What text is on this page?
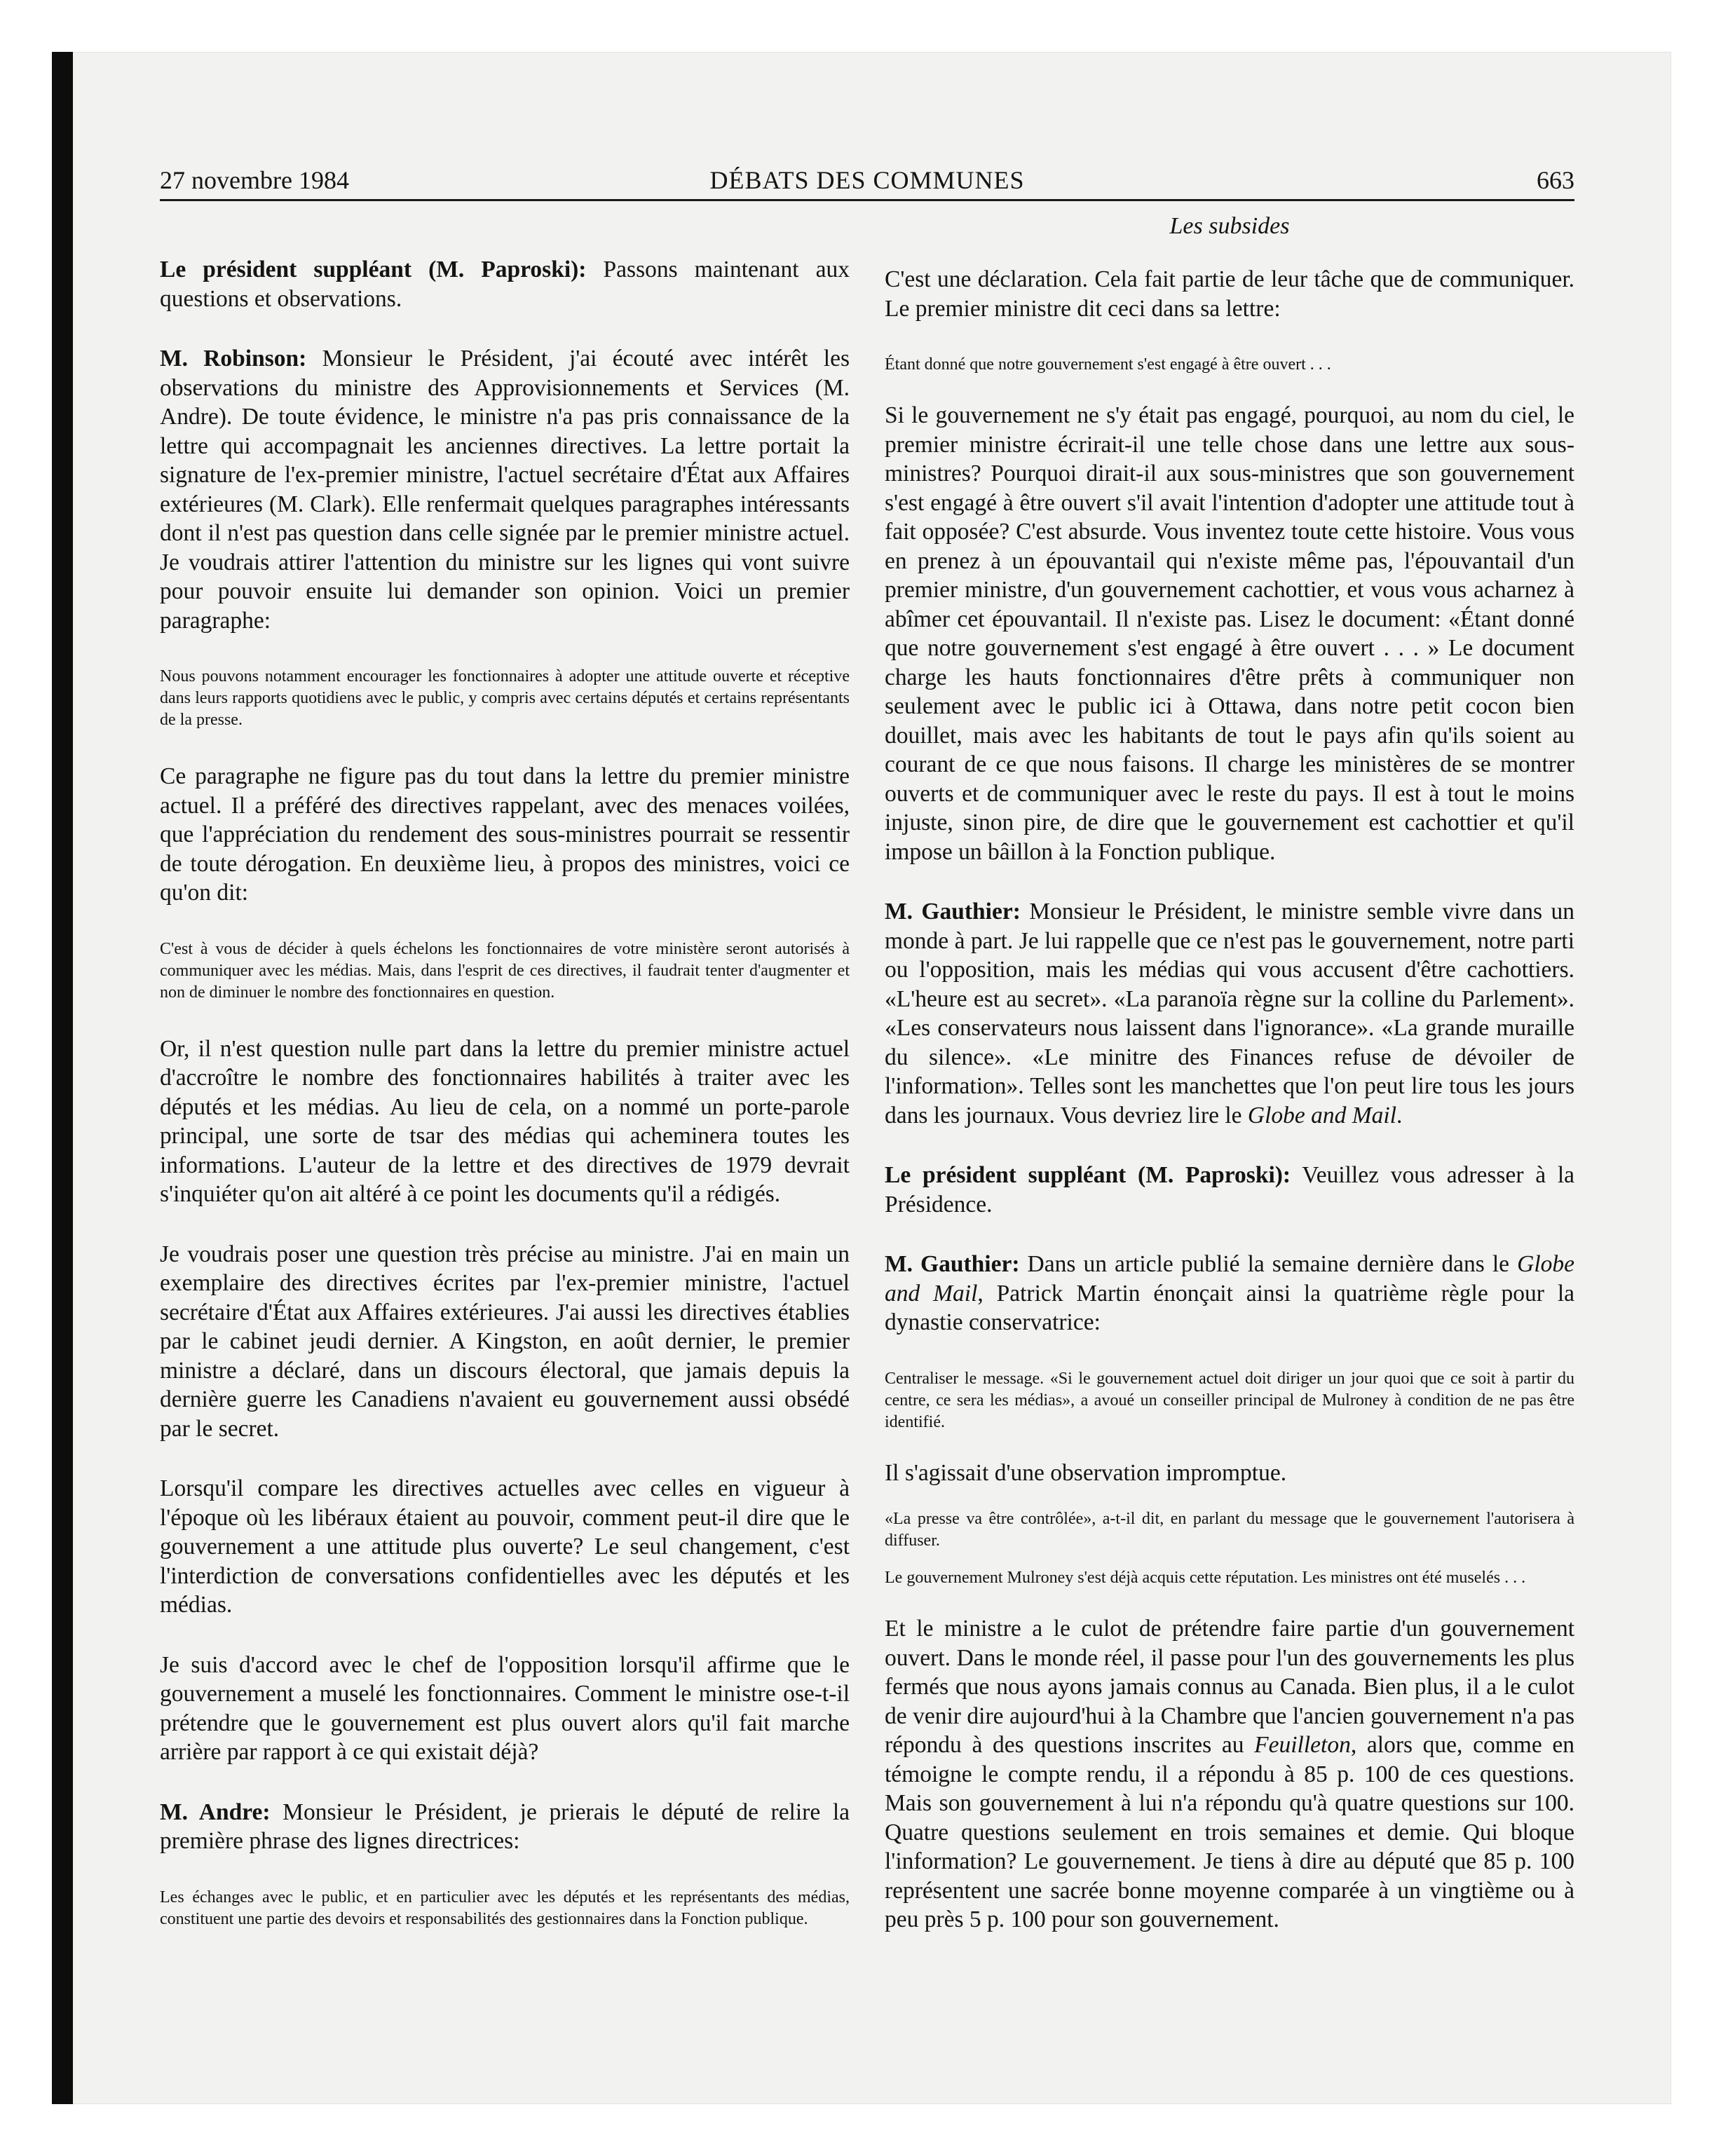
27 novembre 1984	DÉBATS DES COMMUNES	663
Les subsides

Le président suppléant (M. Paproski): Passons maintenant aux questions et observations.

M. Robinson: Monsieur le Président, j'ai écouté avec intérêt les observations du ministre des Approvisionnements et Services (M. Andre). De toute évidence, le ministre n'a pas pris connaissance de la lettre qui accompagnait les anciennes directives. La lettre portait la signature de l'ex-premier ministre, l'actuel secrétaire d'État aux Affaires extérieures (M. Clark). Elle renfermait quelques paragraphes intéressants dont il n'est pas question dans celle signée par le premier ministre actuel. Je voudrais attirer l'attention du ministre sur les lignes qui vont suivre pour pouvoir ensuite lui demander son opinion. Voici un premier paragraphe:

Nous pouvons notamment encourager les fonctionnaires à adopter une attitude ouverte et réceptive dans leurs rapports quotidiens avec le public, y compris avec certains députés et certains représentants de la presse.

Ce paragraphe ne figure pas du tout dans la lettre du premier ministre actuel. Il a préféré des directives rappelant, avec des menaces voilées, que l'appréciation du rendement des sous-ministres pourrait se ressentir de toute dérogation. En deuxième lieu, à propos des ministres, voici ce qu'on dit:

C'est à vous de décider à quels échelons les fonctionnaires de votre ministère seront autorisés à communiquer avec les médias. Mais, dans l'esprit de ces directives, il faudrait tenter d'augmenter et non de diminuer le nombre des fonctionnaires en question.

Or, il n'est question nulle part dans la lettre du premier ministre actuel d'accroître le nombre des fonctionnaires habilités à traiter avec les députés et les médias. Au lieu de cela, on a nommé un porte-parole principal, une sorte de tsar des médias qui acheminera toutes les informations. L'auteur de la lettre et des directives de 1979 devrait s'inquiéter qu'on ait altéré à ce point les documents qu'il a rédigés.

Je voudrais poser une question très précise au ministre. J'ai en main un exemplaire des directives écrites par l'ex-premier ministre, l'actuel secrétaire d'État aux Affaires extérieures. J'ai aussi les directives établies par le cabinet jeudi dernier. A Kingston, en août dernier, le premier ministre a déclaré, dans un discours électoral, que jamais depuis la dernière guerre les Canadiens n'avaient eu gouvernement aussi obsédé par le secret.

Lorsqu'il compare les directives actuelles avec celles en vigueur à l'époque où les libéraux étaient au pouvoir, comment peut-il dire que le gouvernement a une attitude plus ouverte? Le seul changement, c'est l'interdiction de conversations confidentielles avec les députés et les médias.

Je suis d'accord avec le chef de l'opposition lorsqu'il affirme que le gouvernement a muselé les fonctionnaires. Comment le ministre ose-t-il prétendre que le gouvernement est plus ouvert alors qu'il fait marche arrière par rapport à ce qui existait déjà?

M. Andre: Monsieur le Président, je prierais le député de relire la première phrase des lignes directrices:

Les échanges avec le public, et en particulier avec les députés et les représentants des médias, constituent une partie des devoirs et responsabilités des gestionnaires dans la Fonction publique.

C'est une déclaration. Cela fait partie de leur tâche que de communiquer. Le premier ministre dit ceci dans sa lettre:

Étant donné que notre gouvernement s'est engagé à être ouvert . . .

Si le gouvernement ne s'y était pas engagé, pourquoi, au nom du ciel, le premier ministre écrirait-il une telle chose dans une lettre aux sous-ministres? Pourquoi dirait-il aux sous-ministres que son gouvernement s'est engagé à être ouvert s'il avait l'intention d'adopter une attitude tout à fait opposée? C'est absurde. Vous inventez toute cette histoire. Vous vous en prenez à un épouvantail qui n'existe même pas, l'épouvantail d'un premier ministre, d'un gouvernement cachottier, et vous vous acharnez à abîmer cet épouvantail. Il n'existe pas. Lisez le document: «Étant donné que notre gouvernement s'est engagé à être ouvert . . . » Le document charge les hauts fonctionnaires d'être prêts à communiquer non seulement avec le public ici à Ottawa, dans notre petit cocon bien douillet, mais avec les habitants de tout le pays afin qu'ils soient au courant de ce que nous faisons. Il charge les ministères de se montrer ouverts et de communiquer avec le reste du pays. Il est à tout le moins injuste, sinon pire, de dire que le gouvernement est cachottier et qu'il impose un bâillon à la Fonction publique.

M. Gauthier: Monsieur le Président, le ministre semble vivre dans un monde à part. Je lui rappelle que ce n'est pas le gouvernement, notre parti ou l'opposition, mais les médias qui vous accusent d'être cachottiers. «L'heure est au secret». «La paranoïa règne sur la colline du Parlement». «Les conservateurs nous laissent dans l'ignorance». «La grande muraille du silence». «Le minitre des Finances refuse de dévoiler de l'information». Telles sont les manchettes que l'on peut lire tous les jours dans les journaux. Vous devriez lire le Globe and Mail.

Le président suppléant (M. Paproski): Veuillez vous adresser à la Présidence.

M. Gauthier: Dans un article publié la semaine dernière dans le Globe and Mail, Patrick Martin énonçait ainsi la quatrième règle pour la dynastie conservatrice:

Centraliser le message. «Si le gouvernement actuel doit diriger un jour quoi que ce soit à partir du centre, ce sera les médias», a avoué un conseiller principal de Mulroney à condition de ne pas être identifié.

Il s'agissait d'une observation impromptue.

«La presse va être contrôlée», a-t-il dit, en parlant du message que le gouvernement l'autorisera à diffuser.

Le gouvernement Mulroney s'est déjà acquis cette réputation. Les ministres ont été muselés . . .

Et le ministre a le culot de prétendre faire partie d'un gouvernement ouvert. Dans le monde réel, il passe pour l'un des gouvernements les plus fermés que nous ayons jamais connus au Canada. Bien plus, il a le culot de venir dire aujourd'hui à la Chambre que l'ancien gouvernement n'a pas répondu à des questions inscrites au Feuilleton, alors que, comme en témoigne le compte rendu, il a répondu à 85 p. 100 de ces questions. Mais son gouvernement à lui n'a répondu qu'à quatre questions sur 100. Quatre questions seulement en trois semaines et demie. Qui bloque l'information? Le gouvernement. Je tiens à dire au député que 85 p. 100 représentent une sacrée bonne moyenne comparée à un vingtième ou à peu près 5 p. 100 pour son gouvernement.
